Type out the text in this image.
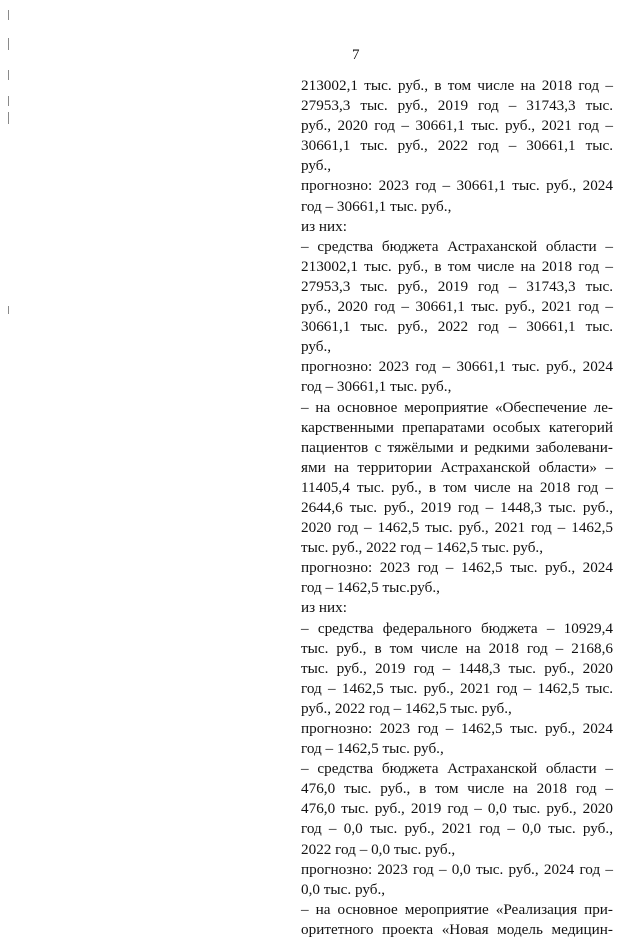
7
213002,1 тыс. руб., в том числе на 2018 год –
27953,3 тыс. руб., 2019 год – 31743,3 тыс.
руб., 2020 год – 30661,1 тыс. руб., 2021 год –
30661,1 тыс. руб., 2022 год – 30661,1 тыс.
руб.,
прогнозно: 2023 год – 30661,1 тыс. руб., 2024
год – 30661,1 тыс. руб.,
из них:
– средства бюджета Астраханской области –
213002,1 тыс. руб., в том числе на 2018 год –
27953,3 тыс. руб., 2019 год – 31743,3 тыс.
руб., 2020 год – 30661,1 тыс. руб., 2021 год –
30661,1 тыс. руб., 2022 год – 30661,1 тыс.
руб.,
прогнозно: 2023 год – 30661,1 тыс. руб., 2024
год – 30661,1 тыс. руб.,
– на основное мероприятие «Обеспечение ле-
карственными препаратами особых категорий
пациентов с тяжёлыми и редкими заболевани-
ями на территории Астраханской области» –
11405,4 тыс. руб., в том числе на 2018 год –
2644,6 тыс. руб., 2019 год – 1448,3 тыс. руб.,
2020 год – 1462,5 тыс. руб., 2021 год – 1462,5
тыс. руб., 2022 год – 1462,5 тыс. руб.,
прогнозно: 2023 год – 1462,5 тыс. руб., 2024
год – 1462,5 тыс.руб.,
из них:
– средства федерального бюджета – 10929,4
тыс. руб., в том числе на 2018 год – 2168,6
тыс. руб., 2019 год – 1448,3 тыс. руб., 2020
год – 1462,5 тыс. руб., 2021 год – 1462,5 тыс.
руб., 2022 год – 1462,5 тыс. руб.,
прогнозно: 2023 год – 1462,5 тыс. руб., 2024
год – 1462,5 тыс. руб.,
– средства бюджета Астраханской области –
476,0 тыс. руб., в том числе на 2018 год –
476,0 тыс. руб., 2019 год – 0,0 тыс. руб., 2020
год – 0,0 тыс. руб., 2021 год – 0,0 тыс. руб.,
2022 год – 0,0 тыс. руб.,
прогнозно: 2023 год – 0,0 тыс. руб., 2024 год –
0,0 тыс. руб.,
– на основное мероприятие «Реализация при-
оритетного проекта «Новая модель медицин-
